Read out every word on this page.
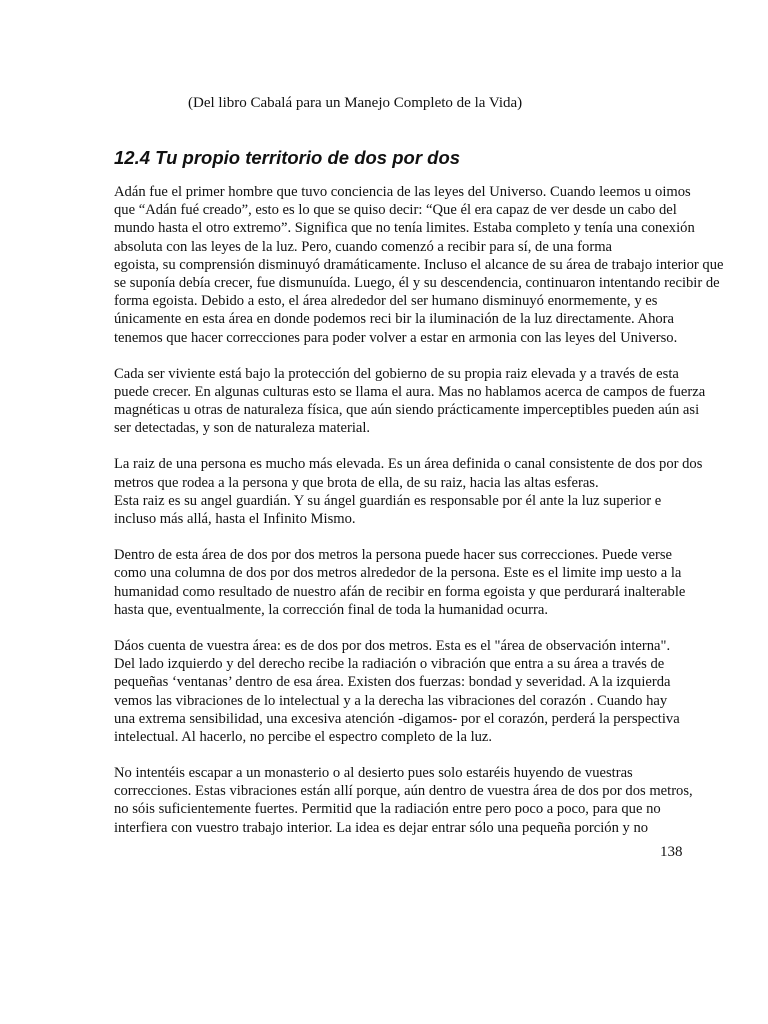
(Del libro Cabalá para un Manejo Completo de la Vida)
12.4 Tu propio territorio de dos por dos

Adán fue el primer hombre que tuvo conciencia de las leyes del Universo. Cuando leemos u oimos
que “Adán fué creado”, esto es lo que se quiso decir: “Que él era capaz de ver desde un cabo del
mundo hasta el otro extremo”. Significa que no tenía limites. Estaba completo y tenía una conexión
absoluta con las leyes de la luz. Pero, cuando comenzó a recibir para sí, de una forma
egoista, su comprensión disminuyó dramáticamente. Incluso el alcance de su área de trabajo interior que
se suponía debía crecer, fue dismunuída. Luego, él y su descendencia, continuaron intentando recibir de
forma egoista. Debido a esto, el área alrededor del ser humano disminuyó enormemente, y es
únicamente en esta área en donde podemos reci bir la iluminación de la luz directamente. Ahora
tenemos que hacer correcciones para poder volver a estar en armonia con las leyes del Universo.

Cada ser viviente está bajo la protección del gobierno de su propia raiz elevada y a través de esta
puede crecer. En algunas culturas esto se llama el aura. Mas no hablamos acerca de campos de fuerza
magnéticas u otras de naturaleza física, que aún siendo prácticamente imperceptibles pueden aún asi
ser detectadas, y son de naturaleza material.

La raiz de una persona es mucho más elevada. Es un área definida o canal consistente de dos por dos
metros que rodea a la persona y que brota de ella, de su raiz, hacia las altas esferas.
Esta raiz es su angel guardián. Y su ángel guardián es responsable por él ante la luz superior e
incluso más allá, hasta el Infinito Mismo.

Dentro de esta área de dos por dos metros la persona puede hacer sus correcciones. Puede verse
como una columna de dos por dos metros alrededor de la persona. Este es el limite imp uesto a la
humanidad como resultado de nuestro afán de recibir en forma egoista y que perdurará inalterable
hasta que, eventualmente, la corrección final de toda la humanidad ocurra.

Dáos cuenta de vuestra área: es de dos por dos metros. Esta es el "área de observación interna".
Del lado izquierdo y del derecho recibe la radiación o vibración que entra a su área a través de
pequeñas ‘ventanas’ dentro de esa área. Existen dos fuerzas: bondad y severidad. A la izquierda
vemos las vibraciones de lo intelectual y a la derecha las vibraciones del corazón . Cuando hay
una extrema sensibilidad, una excesiva atención -digamos- por el corazón, perderá la perspectiva
intelectual. Al hacerlo, no percibe el espectro completo de la luz.

No intentéis escapar a un monasterio o al desierto pues solo estaréis huyendo de vuestras
correcciones. Estas vibraciones están allí porque, aún dentro de vuestra área de dos por dos metros,
no sóis suficientemente fuertes. Permitid que la radiación entre pero poco a poco, para que no
interfiera con vuestro trabajo interior. La idea es dejar entrar sólo una pequeña porción y no

138
